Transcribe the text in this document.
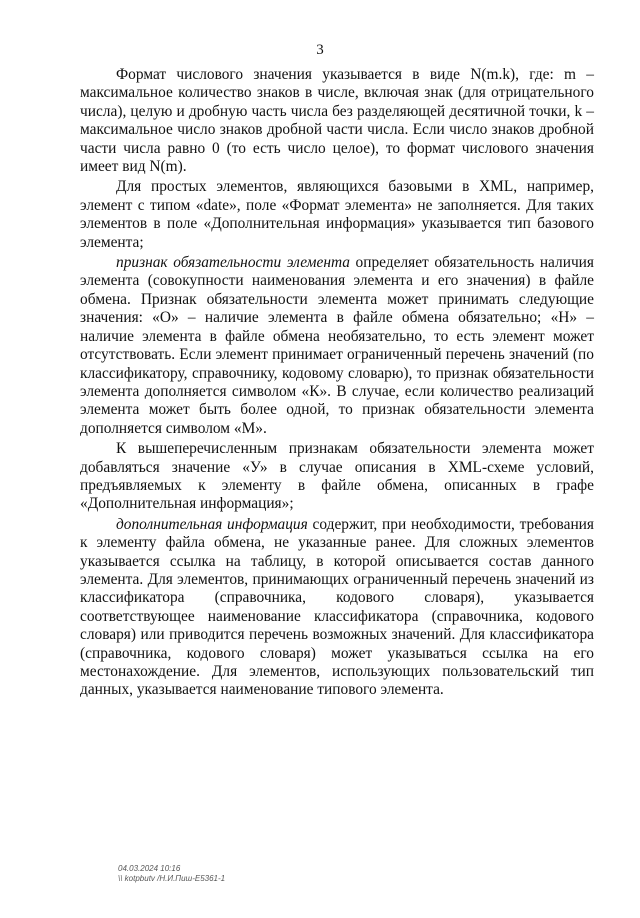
3

Формат числового значения указывается в виде N(m.k), где: m – максимальное количество знаков в числе, включая знак (для отрицательного числа), целую и дробную часть числа без разделяющей десятичной точки, k – максимальное число знаков дробной части числа. Если число знаков дробной части числа равно 0 (то есть число целое), то формат числового значения имеет вид N(m).

Для простых элементов, являющихся базовыми в XML, например, элемент с типом «date», поле «Формат элемента» не заполняется. Для таких элементов в поле «Дополнительная информация» указывается тип базового элемента;

признак обязательности элемента определяет обязательность наличия элемента (совокупности наименования элемента и его значения) в файле обмена. Признак обязательности элемента может принимать следующие значения: «О» – наличие элемента в файле обмена обязательно; «Н» – наличие элемента в файле обмена необязательно, то есть элемент может отсутствовать. Если элемент принимает ограниченный перечень значений (по классификатору, справочнику, кодовому словарю), то признак обязательности элемента дополняется символом «К». В случае, если количество реализаций элемента может быть более одной, то признак обязательности элемента дополняется символом «М».

К вышеперечисленным признакам обязательности элемента может добавляться значение «У» в случае описания в XML-схеме условий, предъявляемых к элементу в файле обмена, описанных в графе «Дополнительная информация»;

дополнительная информация содержит, при необходимости, требования к элементу файла обмена, не указанные ранее. Для сложных элементов указывается ссылка на таблицу, в которой описывается состав данного элемента. Для элементов, принимающих ограниченный перечень значений из классификатора (справочника, кодового словаря), указывается соответствующее наименование классификатора (справочника, кодового словаря) или приводится перечень возможных значений. Для классификатора (справочника, кодового словаря) может указываться ссылка на его местонахождение. Для элементов, использующих пользовательский тип данных, указывается наименование типового элемента.

04.03.2024 10:16
\\ kotpbutv /Н.И.Пиш-E5361-1
